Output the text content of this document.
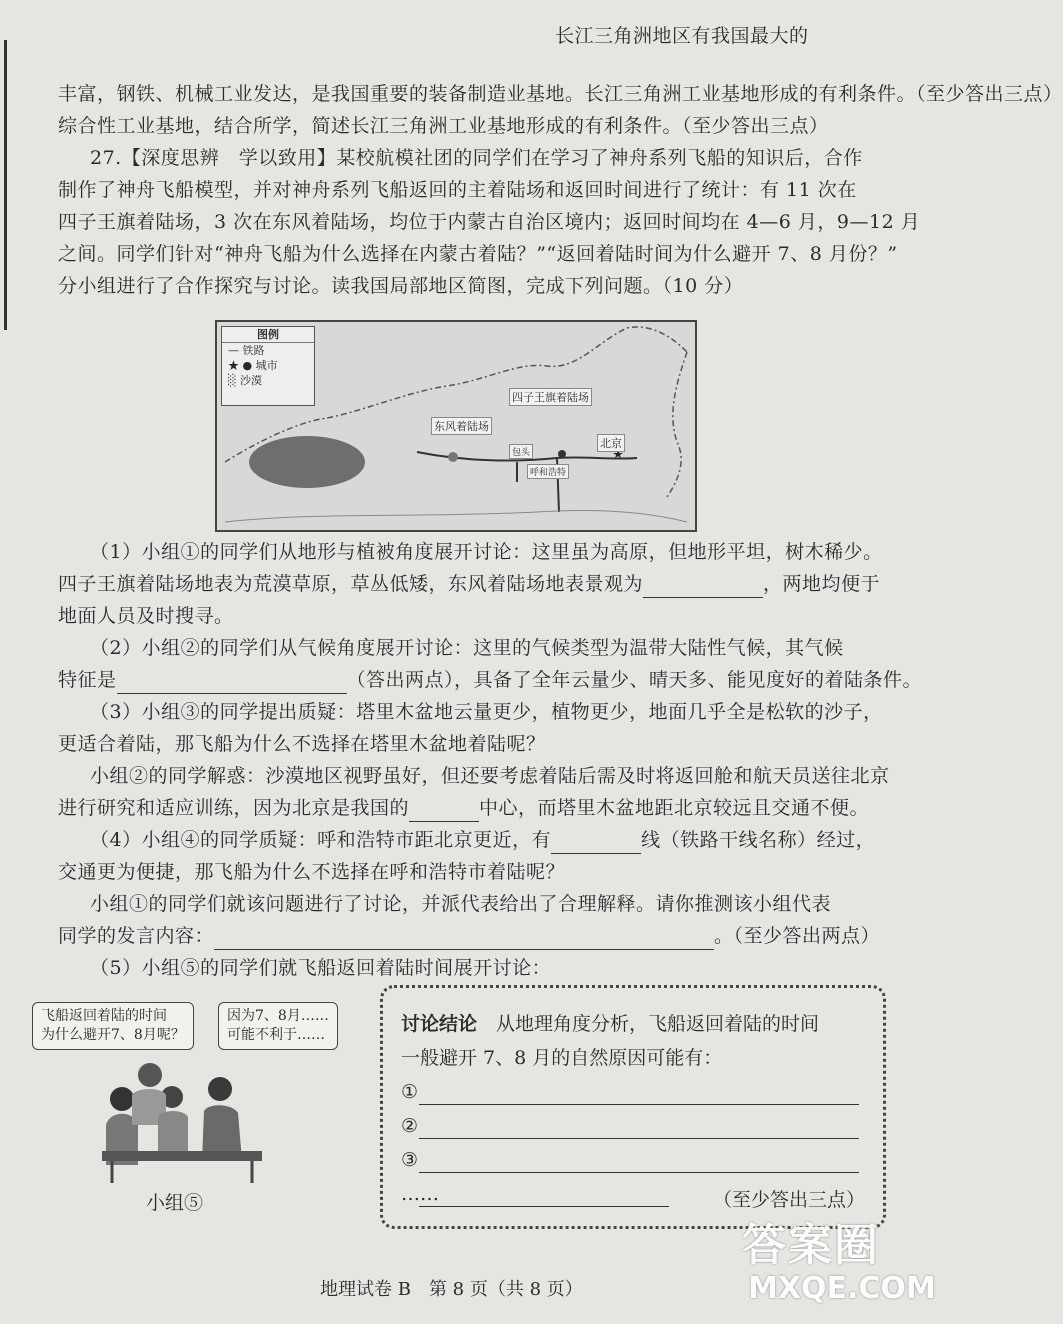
长江三角洲地区有我国最大的
丰富，钢铁、机械工业发达，是我国重要的装备制造业基地。长江三角洲工业基地形成的有利条件。（至少答出三点）
综合性工业基地，结合所学，简述长江三角洲工业基地形成的有利条件。（至少答出三点）
27.【深度思辨　学以致用】某校航模社团的同学们在学习了神舟系列飞船的知识后，合作
制作了神舟飞船模型，并对神舟系列飞船返回的主着陆场和返回时间进行了统计：有 11 次在
四子王旗着陆场，3 次在东风着陆场，均位于内蒙古自治区境内；返回时间均在 4—6 月，9—12 月
之间。同学们针对“神舟飞船为什么选择在内蒙古着陆？”“返回着陆时间为什么避开 7、8 月份？”
分小组进行了合作探究与讨论。读我国局部地区简图，完成下列问题。（10 分）
图例
— 铁路
★ ● 城市
░ 沙漠
东风着陆场
四子王旗着陆场
北京
呼和浩特
包头
（1）小组①的同学们从地形与植被角度展开讨论：这里虽为高原，但地形平坦，树木稀少。
四子王旗着陆场地表为荒漠草原，草丛低矮，东风着陆场地表景观为	，两地均便于
地面人员及时搜寻。
（2）小组②的同学们从气候角度展开讨论：这里的气候类型为温带大陆性气候，其气候
特征是	（答出两点），具备了全年云量少、晴天多、能见度好的着陆条件。
（3）小组③的同学提出质疑：塔里木盆地云量更少，植物更少，地面几乎全是松软的沙子，
更适合着陆，那飞船为什么不选择在塔里木盆地着陆呢？
小组②的同学解惑：沙漠地区视野虽好，但还要考虑着陆后需及时将返回舱和航天员送往北京
进行研究和适应训练，因为北京是我国的	中心，而塔里木盆地距北京较远且交通不便。
（4）小组④的同学质疑：呼和浩特市距北京更近，有	线（铁路干线名称）经过，
交通更为便捷，那飞船为什么不选择在呼和浩特市着陆呢？
小组①的同学们就该问题进行了讨论，并派代表给出了合理解释。请你推测该小组代表
同学的发言内容：	。（至少答出两点）
（5）小组⑤的同学们就飞船返回着陆时间展开讨论：
飞船返回着陆的时间
为什么避开7、8月呢？
因为7、8月……
可能不利于……
小组⑤
讨论结论　 从地理角度分析，飞船返回着陆的时间
一般避开 7、8 月的自然原因可能有：
①
②
③
……	（至少答出三点）
地理试卷 B　第 8 页（共 8 页）
答案圈
MXQE.COM
